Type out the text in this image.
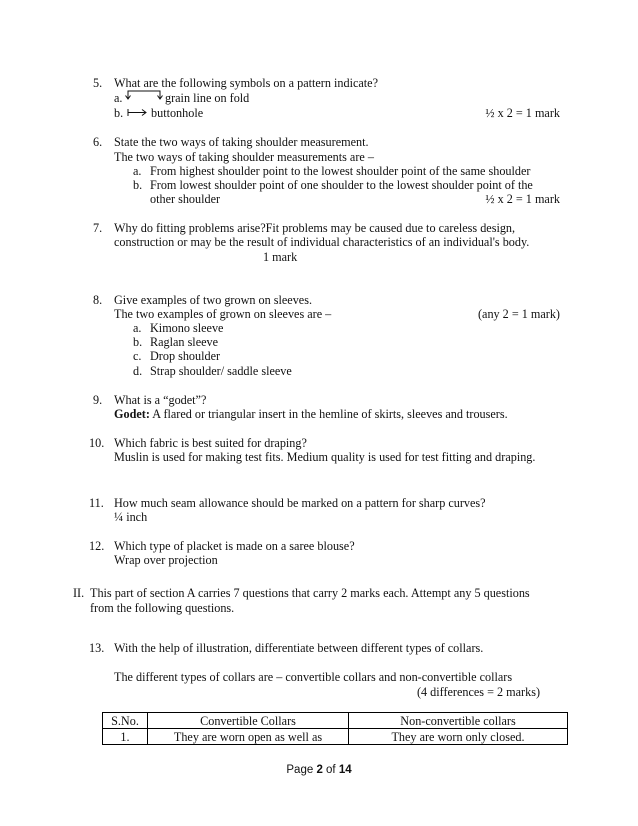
5. What are the following symbols on a pattern indicate?
a.	grain line on fold
b. buttonhole	½ x 2 = 1 mark
6. State the two ways of taking shoulder measurement.
The two ways of taking shoulder measurements are –
a. From highest shoulder point to the lowest shoulder point of the same shoulder
b. From lowest shoulder point of one shoulder to the lowest shoulder point of the
other shoulder	½ x 2 = 1 mark
7. Why do fitting problems arise?Fit problems may be caused due to careless design,
construction or may be the result of individual characteristics of an individual's body.
1 mark
8. Give examples of two grown on sleeves.
The two examples of grown on sleeves are –	(any 2 = 1 mark)
a. Kimono sleeve
b. Raglan sleeve
c. Drop shoulder
d. Strap shoulder/ saddle sleeve
9. What is a “godet”?
Godet: A flared or triangular insert in the hemline of skirts, sleeves and trousers.
10. Which fabric is best suited for draping?
Muslin is used for making test fits. Medium quality is used for test fitting and draping.
11. How much seam allowance should be marked on a pattern for sharp curves?
¼ inch
12. Which type of placket is made on a saree blouse?
Wrap over projection
II. This part of section A carries 7 questions that carry 2 marks each. Attempt any 5 questions
from the following questions.
13. With the help of illustration, differentiate between different types of collars.
The different types of collars are – convertible collars and non-convertible collars
(4 differences = 2 marks)
S.No.	Convertible Collars	Non-convertible collars
1.	They are worn open as well as	They are worn only closed.
Page 2 of 14
